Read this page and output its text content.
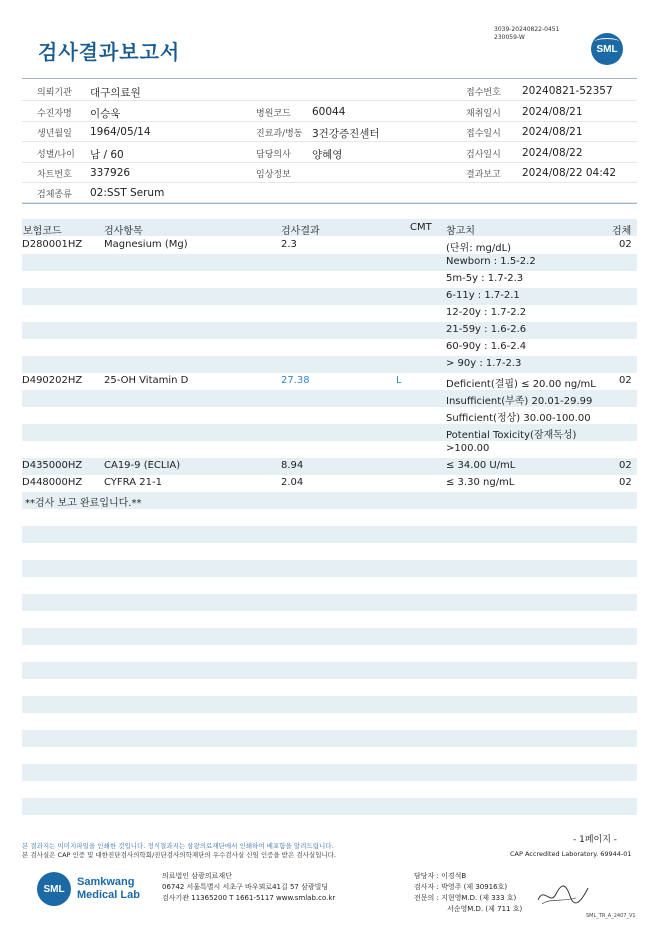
검사결과보고서
3039-20240822-0451
230059-W
SML
의뢰기관 대구의료원	접수번호 20240821-52357
수진자명 이승욱	병원코드 60044	채취일시 2024/08/21
생년월일 1964/05/14	진료과/병동 3건강증진센터	접수일시 2024/08/21
성별/나이 남 / 60	담당의사 양혜영	검사일시 2024/08/22
차트번호 337926	임상정보	결과보고 2024/08/22 04:42
검체종류 02:SST Serum
보험코드	검사항목	검사결과	CMT 참고치	검체
D280001HZ Magnesium (Mg)	2.3	(단위: mg/dL)	02
Newborn : 1.5-2.2
5m-5y : 1.7-2.3
6-11y : 1.7-2.1
12-20y : 1.7-2.2
21-59y : 1.6-2.6
60-90y : 1.6-2.4
> 90y : 1.7-2.3
D490202HZ 25-OH Vitamin D	27.38	L	Deficient(결핍) ≤ 20.00 ng/mL 02
Insufficient(부족) 20.01-29.99
Sufficient(정상) 30.00-100.00
Potential Toxicity(잠재독성)
>100.00
D435000HZ CA19-9 (ECLIA)	8.94	≤ 34.00 U/mL	02
D448000HZ CYFRA 21-1	2.04	≤ 3.30 ng/mL	02
**검사 보고 완료입니다.**
본 결과지는 이미지파일을 인쇄한 것입니다. 정식결과지는 삼광의료재단에서 인쇄하여 배포함을 알려드립니다.
본 검사실은 CAP 인증 및 대한진단검사의학회/진단검사의학재단의 우수검사실 신임 인증을 받은 검사실입니다.
- 1페이지 -
CAP Accredited Laboratory. 69944-01
SML
Samkwang
Medical Lab
의료법인 삼광의료재단
06742 서울특별시 서초구 바우뫼로41길 57 삼광빌딩
검사기관 11365200 T 1661-5117 www.smlab.co.kr
담당자 : 이경석B
검사자 : 박영주 (제 30916호)
전문의 : 지현영M.D. (제 333 호)
서순영M.D. (제 711 호)
SML_TR_A_2407_V1
